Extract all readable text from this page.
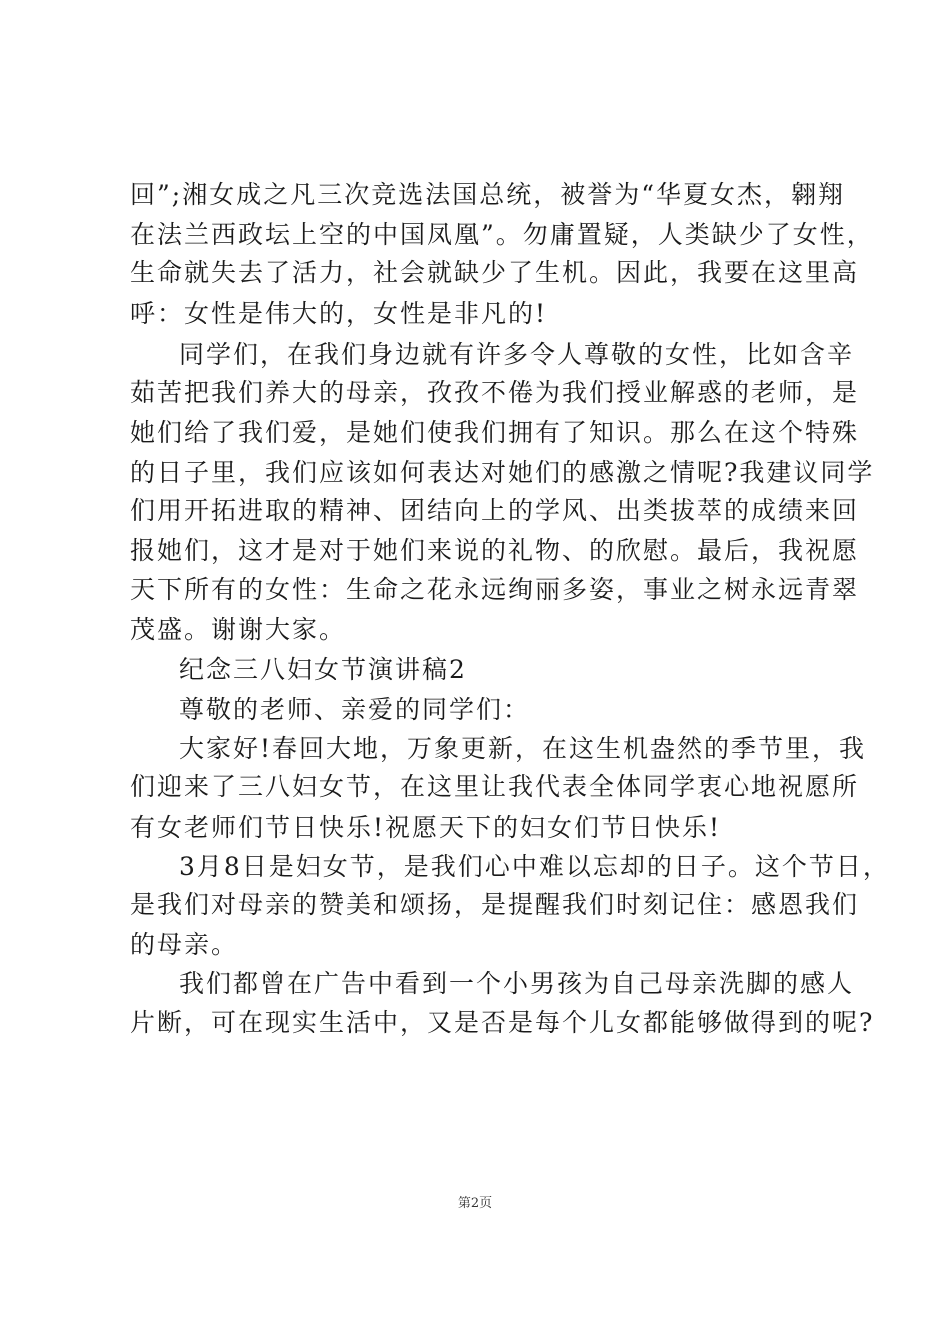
回”;湘女成之凡三次竞选法国总统，被誉为“华夏女杰，翱翔
在法兰西政坛上空的中国凤凰”。勿庸置疑，人类缺少了女性，
生命就失去了活力，社会就缺少了生机。因此，我要在这里高
呼：女性是伟大的，女性是非凡的!
同学们，在我们身边就有许多令人尊敬的女性，比如含辛
茹苦把我们养大的母亲，孜孜不倦为我们授业解惑的老师，是
她们给了我们爱，是她们使我们拥有了知识。那么在这个特殊
的日子里，我们应该如何表达对她们的感激之情呢?我建议同学
们用开拓进取的精神、团结向上的学风、出类拔萃的成绩来回
报她们，这才是对于她们来说的礼物、的欣慰。最后，我祝愿
天下所有的女性：生命之花永远绚丽多姿，事业之树永远青翠
茂盛。谢谢大家。
纪念三八妇女节演讲稿2
尊敬的老师、亲爱的同学们：
大家好!春回大地，万象更新，在这生机盎然的季节里，我
们迎来了三八妇女节，在这里让我代表全体同学衷心地祝愿所
有女老师们节日快乐!祝愿天下的妇女们节日快乐!
3月8日是妇女节，是我们心中难以忘却的日子。这个节日，
是我们对母亲的赞美和颂扬，是提醒我们时刻记住：感恩我们
的母亲。
我们都曾在广告中看到一个小男孩为自己母亲洗脚的感人
片断，可在现实生活中，又是否是每个儿女都能够做得到的呢?
第2页
